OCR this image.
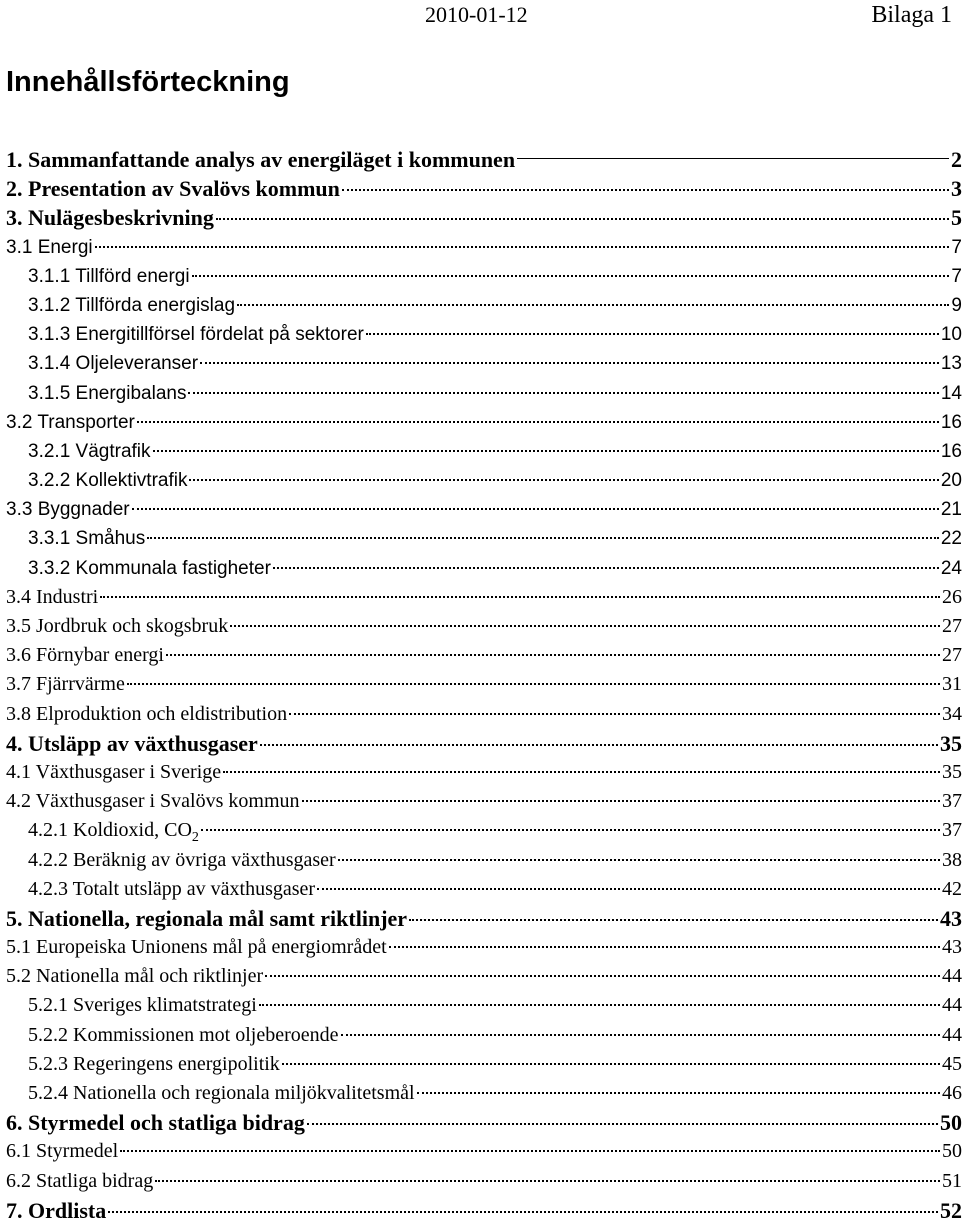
2010-01-12	Bilaga 1
Innehållsförteckning
1. Sammanfattande analys av energiläget i kommunen	2
2. Presentation av Svalövs kommun	3
3. Nulägesbeskrivning	5
3.1 Energi	7
3.1.1 Tillförd energi	7
3.1.2 Tillförda energislag	9
3.1.3 Energitillförsel fördelat på sektorer	10
3.1.4 Oljeleveranser	13
3.1.5 Energibalans	14
3.2 Transporter	16
3.2.1 Vägtrafik	16
3.2.2 Kollektivtrafik	20
3.3 Byggnader	21
3.3.1 Småhus	22
3.3.2 Kommunala fastigheter	24
3.4 Industri	26
3.5 Jordbruk och skogsbruk	27
3.6 Förnybar energi	27
3.7 Fjärrvärme	31
3.8 Elproduktion och eldistribution	34
4. Utsläpp av växthusgaser	35
4.1 Växthusgaser i Sverige	35
4.2 Växthusgaser i Svalövs kommun	37
4.2.1 Koldioxid, $CO_2$	37
4.2.2 Beräknig av övriga växthusgaser	38
4.2.3 Totalt utsläpp av växthusgaser	42
5. Nationella, regionala mål samt riktlinjer	43
5.1 Europeiska Unionens mål på energiområdet	43
5.2 Nationella mål och riktlinjer	44
5.2.1 Sveriges klimatstrategi	44
5.2.2 Kommissionen mot oljeberoende	44
5.2.3 Regeringens energipolitik	45
5.2.4 Nationella och regionala miljökvalitetsmål	46
6. Styrmedel och statliga bidrag	50
6.1 Styrmedel	50
6.2 Statliga bidrag	51
7. Ordlista	52
